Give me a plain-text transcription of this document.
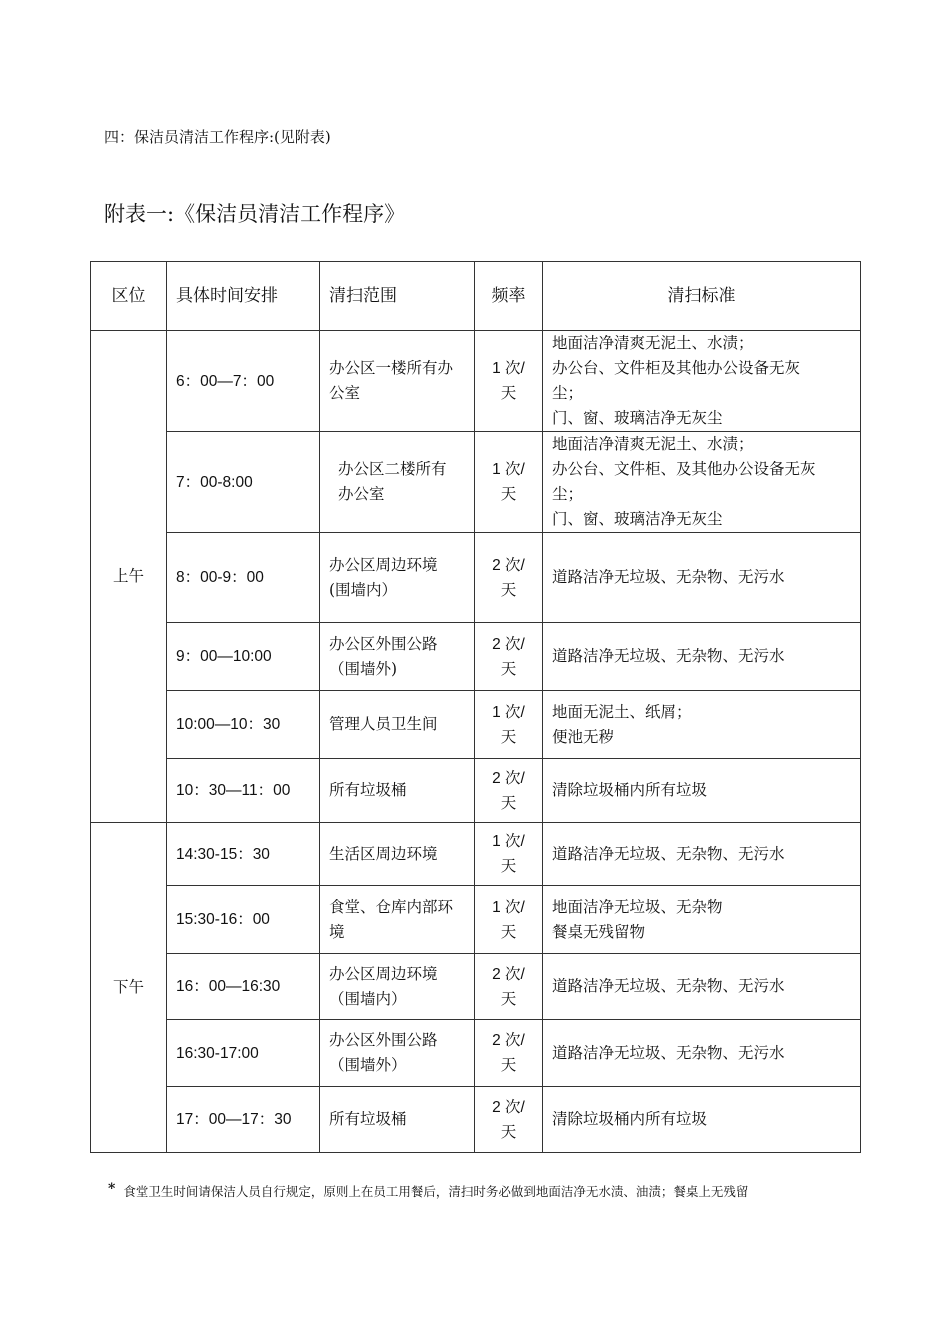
四：保洁员清洁工作程序:(见附表)
附表一:《保洁员清洁工作程序》
区位	具体时间安排	清扫范围	频率	清扫标准
上午	6：00—7：00	办公区一楼所有办
公室	1 次/
天	地面洁净清爽无泥土、水渍；
办公台、文件柜及其他办公设备无灰
尘；
门、窗、玻璃洁净无灰尘

	7：00-8:00	办公区二楼所有
办公室	1 次/
天	地面洁净清爽无泥土、水渍；
办公台、文件柜、及其他办公设备无灰
尘；
门、窗、玻璃洁净无灰尘

	8：00-9：00	办公区周边环境
(围墙内）	2 次/
天	道路洁净无垃圾、无杂物、无污水

	9：00—10:00	办公区外围公路
（围墙外)	2 次/
天	道路洁净无垃圾、无杂物、无污水

	10:00—10：30	管理人员卫生间	1 次/
天	地面无泥土、纸屑；
便池无秽

	10：30—11：00	所有垃圾桶	2 次/
天	清除垃圾桶内所有垃圾

下午	14:30-15：30	生活区周边环境	1 次/
天	道路洁净无垃圾、无杂物、无污水

	15:30-16：00	食堂、仓库内部环
境	1 次/
天	地面洁净无垃圾、无杂物
餐桌无残留物

	16：00—16:30	办公区周边环境
（围墙内）	2 次/
天	道路洁净无垃圾、无杂物、无污水

	16:30-17:00	办公区外围公路
（围墙外）	2 次/
天	道路洁净无垃圾、无杂物、无污水

	17：00—17：30	所有垃圾桶	2 次/
天	清除垃圾桶内所有垃圾
* 食堂卫生时间请保洁人员自行规定，原则上在员工用餐后，清扫时务必做到地面洁净无水渍、油渍；餐桌上无残留
